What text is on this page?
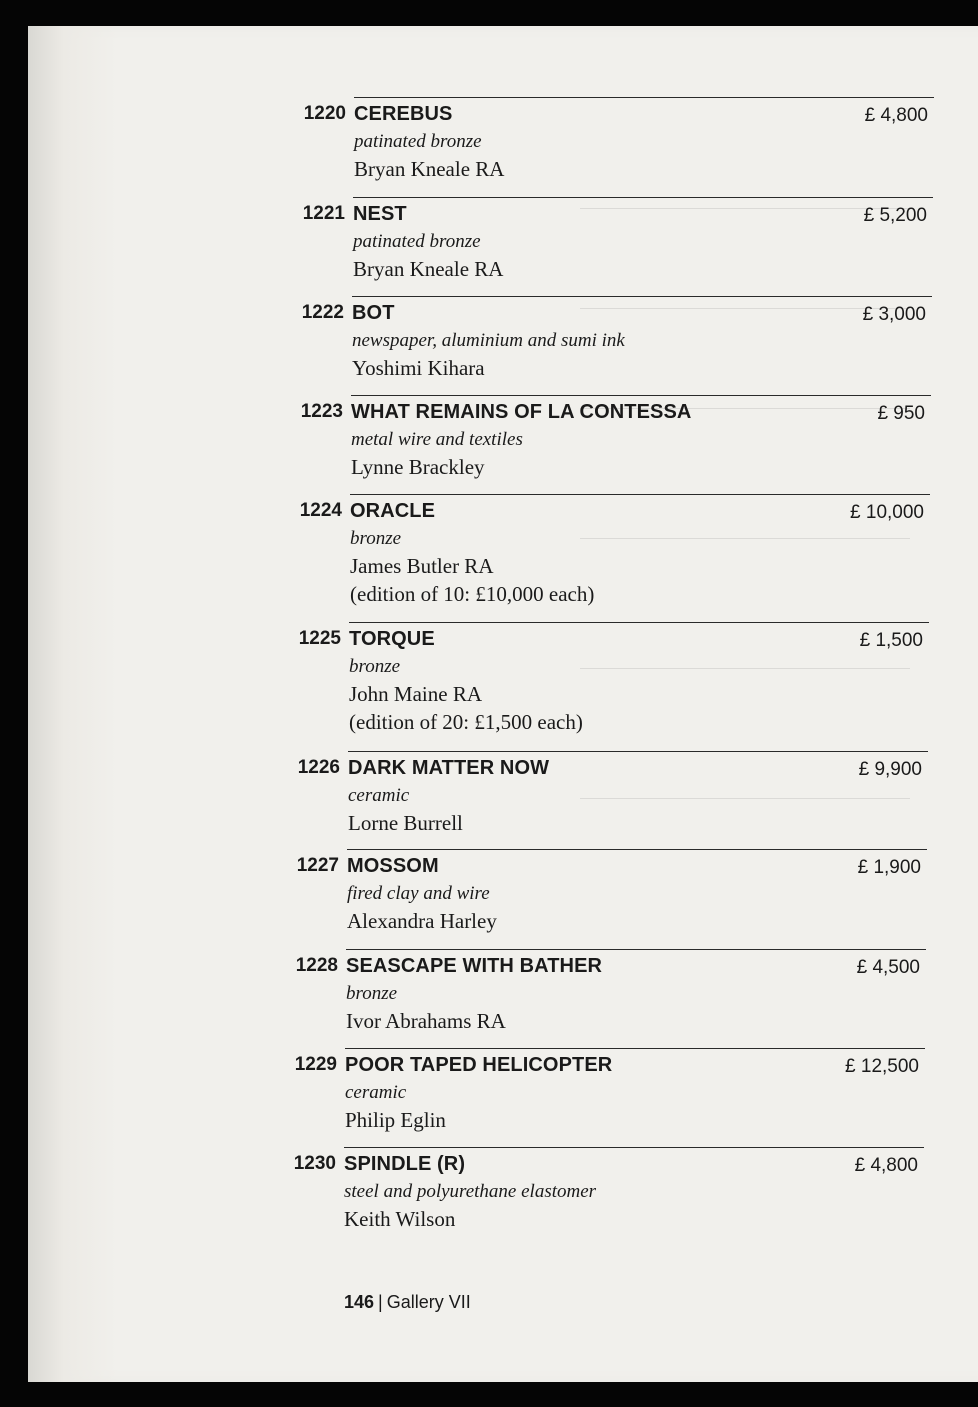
1220 CEREBUS	£ 4,800
patinated bronze
Bryan Kneale RA
1221 NEST	£ 5,200
patinated bronze
Bryan Kneale RA
1222 BOT	£ 3,000
newspaper, aluminium and sumi ink
Yoshimi Kihara
1223 WHAT REMAINS OF LA CONTESSA	£ 950
metal wire and textiles
Lynne Brackley
1224 ORACLE	£ 10,000
bronze
James Butler RA
(edition of 10: £10,000 each)
1225 TORQUE	£ 1,500
bronze
John Maine RA
(edition of 20: £1,500 each)
1226 DARK MATTER NOW	£ 9,900
ceramic
Lorne Burrell
1227 MOSSOM	£ 1,900
fired clay and wire
Alexandra Harley
1228 SEASCAPE WITH BATHER	£ 4,500
bronze
Ivor Abrahams RA
1229 POOR TAPED HELICOPTER	£ 12,500
ceramic
Philip Eglin
1230 SPINDLE (R)	£ 4,800
steel and polyurethane elastomer
Keith Wilson
146 | Gallery VII
